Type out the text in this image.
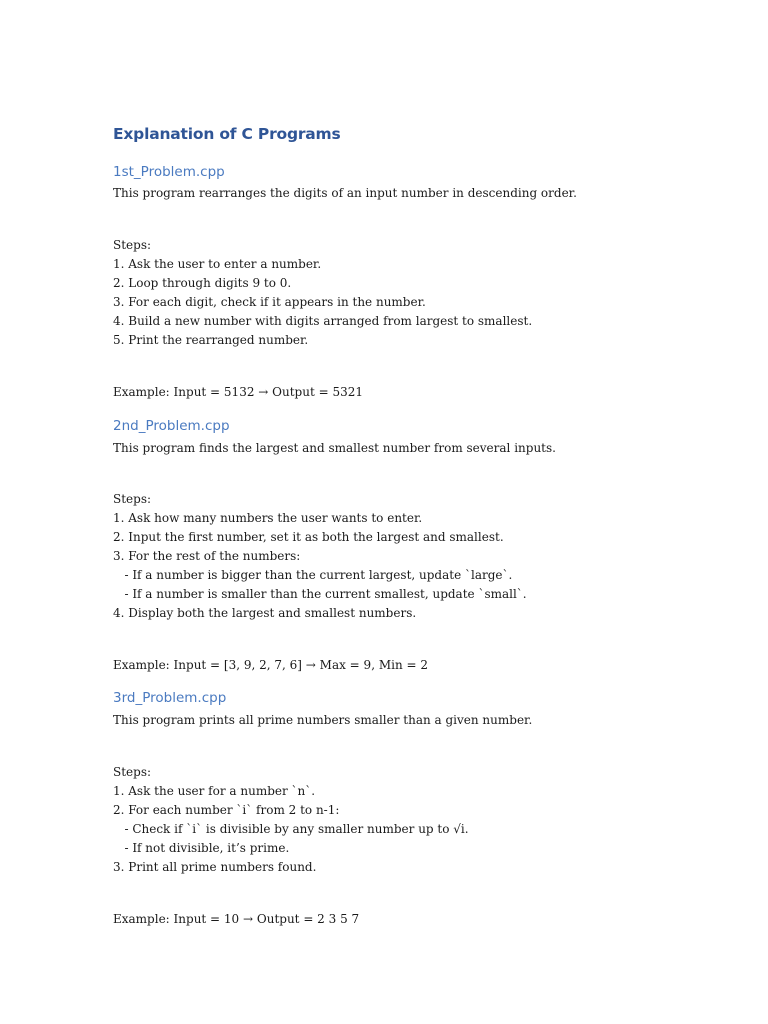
Explanation of C Programs
1st_Problem.cpp
This program rearranges the digits of an input number in descending order.
Steps:
1. Ask the user to enter a number.
2. Loop through digits 9 to 0.
3. For each digit, check if it appears in the number.
4. Build a new number with digits arranged from largest to smallest.
5. Print the rearranged number.
Example: Input = 5132 → Output = 5321
2nd_Problem.cpp
This program finds the largest and smallest number from several inputs.
Steps:
1. Ask how many numbers the user wants to enter.
2. Input the first number, set it as both the largest and smallest.
3. For the rest of the numbers:
- If a number is bigger than the current largest, update `large`.
- If a number is smaller than the current smallest, update `small`.
4. Display both the largest and smallest numbers.
Example: Input = [3, 9, 2, 7, 6] → Max = 9, Min = 2
3rd_Problem.cpp
This program prints all prime numbers smaller than a given number.
Steps:
1. Ask the user for a number `n`.
2. For each number `i` from 2 to n-1:
- Check if `i` is divisible by any smaller number up to √i.
- If not divisible, it’s prime.
3. Print all prime numbers found.
Example: Input = 10 → Output = 2 3 5 7
